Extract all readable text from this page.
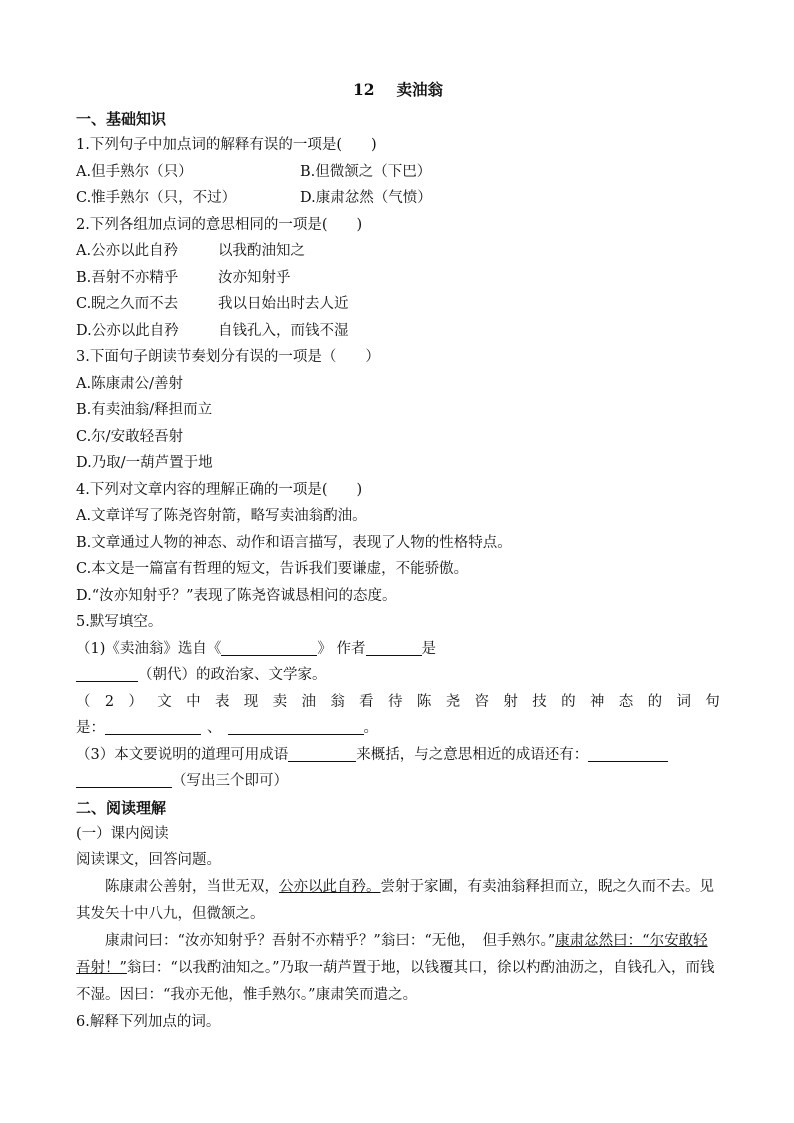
12 卖油翁
一、基础知识
1.下列句子中加点词的解释有误的一项是(　　)
A.但手熟尔（只）	B.但微颔之（下巴）
C.惟手熟尔（只，不过）	D.康肃忿然（气愤）
2.下列各组加点词的意思相同的一项是(　　)
A.公亦以此自矜	以我酌油知之
B.吾射不亦精乎	汝亦知射乎
C.睨之久而不去	我以日始出时去人近
D.公亦以此自矜	自钱孔入，而钱不湿
3.下面句子朗读节奏划分有误的一项是（　　）
A.陈康肃公/善射
B.有卖油翁/释担而立
C.尔/安敢轻吾射
D.乃取/一葫芦置于地
4.下列对文章内容的理解正确的一项是(　　)
A.文章详写了陈尧咨射箭，略写卖油翁酌油。
B.文章通过人物的神态、动作和语言描写，表现了人物的性格特点。
C.本文是一篇富有哲理的短文，告诉我们要谦虚，不能骄傲。
D.“汝亦知射乎？”表现了陈尧咨诚恳相问的态度。
5.默写填空。
（1)《卖油翁》选自《	》 作者	是
（朝代）的政治家、文学家。
（ 2 ） 文 中 表 现 卖 油 翁 看 待 陈 尧 咨 射 技 的 神 态 的 词 句
是：	、	。
（3）本文要说明的道理可用成语	来概括，与之意思相近的成语还有：
（写出三个即可）
二、阅读理解
(一）课内阅读
阅读课文，回答问题。
陈康肃公善射，当世无双，公亦以此自矜。尝射于家圃，有卖油翁释担而立，睨之久而不去。见其发矢十中八九，但微颔之。
康肃问曰：“汝亦知射乎？吾射不亦精乎？”翁曰：“无他，　但手熟尔。”康肃忿然曰：“尔安敢轻吾射！”翁曰：“以我酌油知之。”乃取一葫芦置于地，以钱覆其口，徐以杓酌油沥之，自钱孔入，而钱不湿。因曰：“我亦无他，惟手熟尔。”康肃笑而遣之。
6.解释下列加点的词。
